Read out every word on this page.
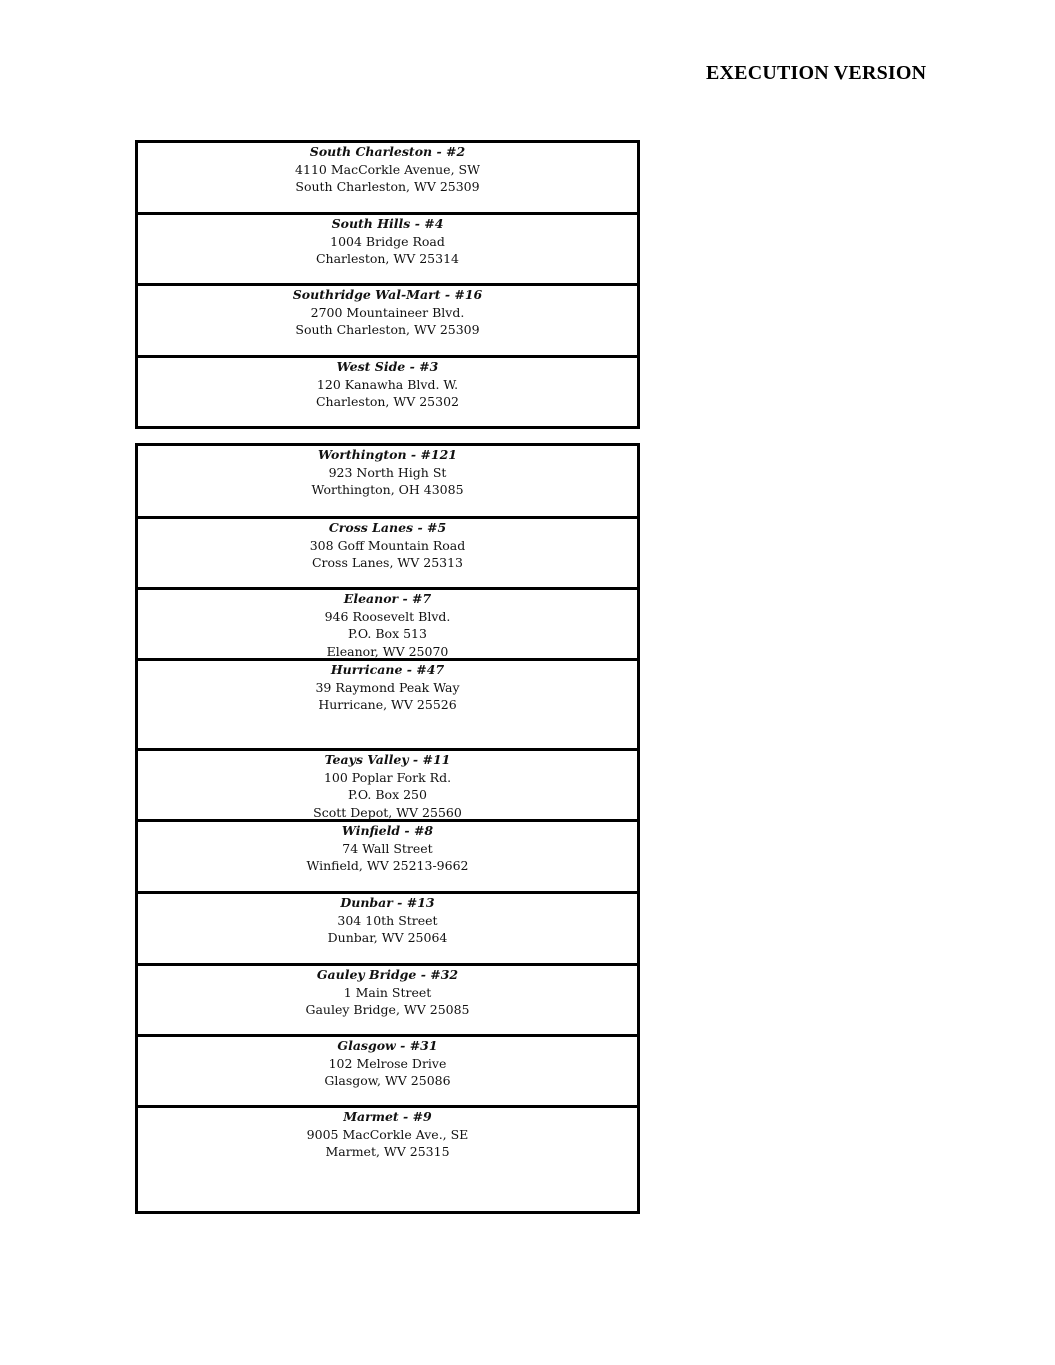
EXECUTION VERSION
South Charleston - #2
4110 MacCorkle Avenue, SW
South Charleston, WV 25309
South Hills - #4
1004 Bridge Road
Charleston, WV 25314
Southridge Wal-Mart - #16
2700 Mountaineer Blvd.
South Charleston, WV 25309
West Side - #3
120 Kanawha Blvd. W.
Charleston, WV 25302
Worthington - #121
923 North High St
Worthington, OH 43085
Cross Lanes - #5
308 Goff Mountain Road
Cross Lanes, WV 25313
Eleanor - #7
946 Roosevelt Blvd.
P.O. Box 513
Eleanor, WV 25070
Hurricane - #47
39 Raymond Peak Way
Hurricane, WV 25526
Teays Valley - #11
100 Poplar Fork Rd.
P.O. Box 250
Scott Depot, WV 25560
Winfield - #8
74 Wall Street
Winfield, WV 25213-9662
Dunbar - #13
304 10th Street
Dunbar, WV 25064
Gauley Bridge - #32
1 Main Street
Gauley Bridge, WV 25085
Glasgow - #31
102 Melrose Drive
Glasgow, WV 25086
Marmet - #9
9005 MacCorkle Ave., SE
Marmet, WV 25315
